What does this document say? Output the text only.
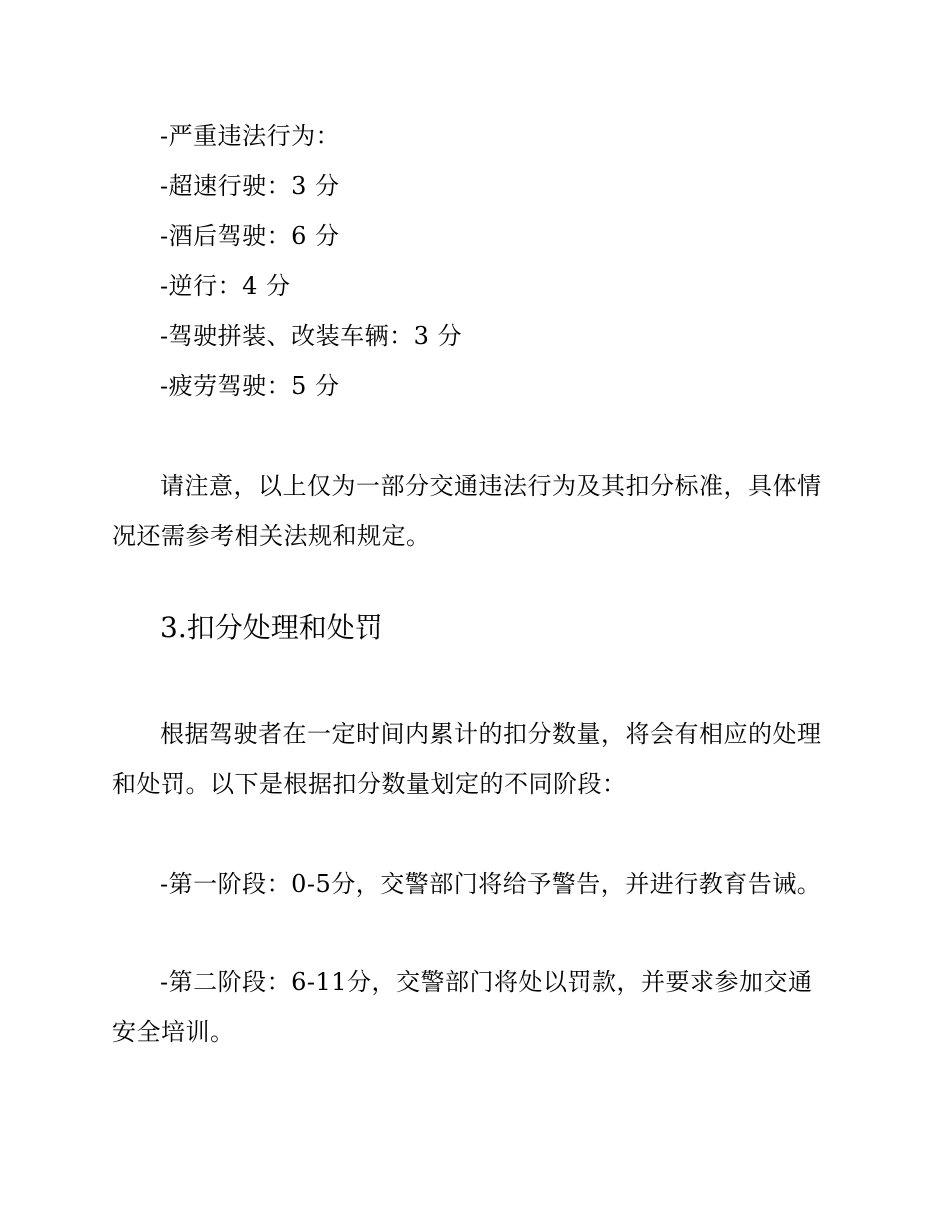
-严重违法行为：
-超速行驶：3 分
-酒后驾驶：6 分
-逆行：4 分
-驾驶拼装、改装车辆：3 分
-疲劳驾驶：5 分
请注意，以上仅为一部分交通违法行为及其扣分标准，具体情
况还需参考相关法规和规定。
3.扣分处理和处罚
根据驾驶者在一定时间内累计的扣分数量，将会有相应的处理
和处罚。以下是根据扣分数量划定的不同阶段：
-第一阶段：0-5分，交警部门将给予警告，并进行教育告诫。
-第二阶段：6-11分，交警部门将处以罚款，并要求参加交通
安全培训。
